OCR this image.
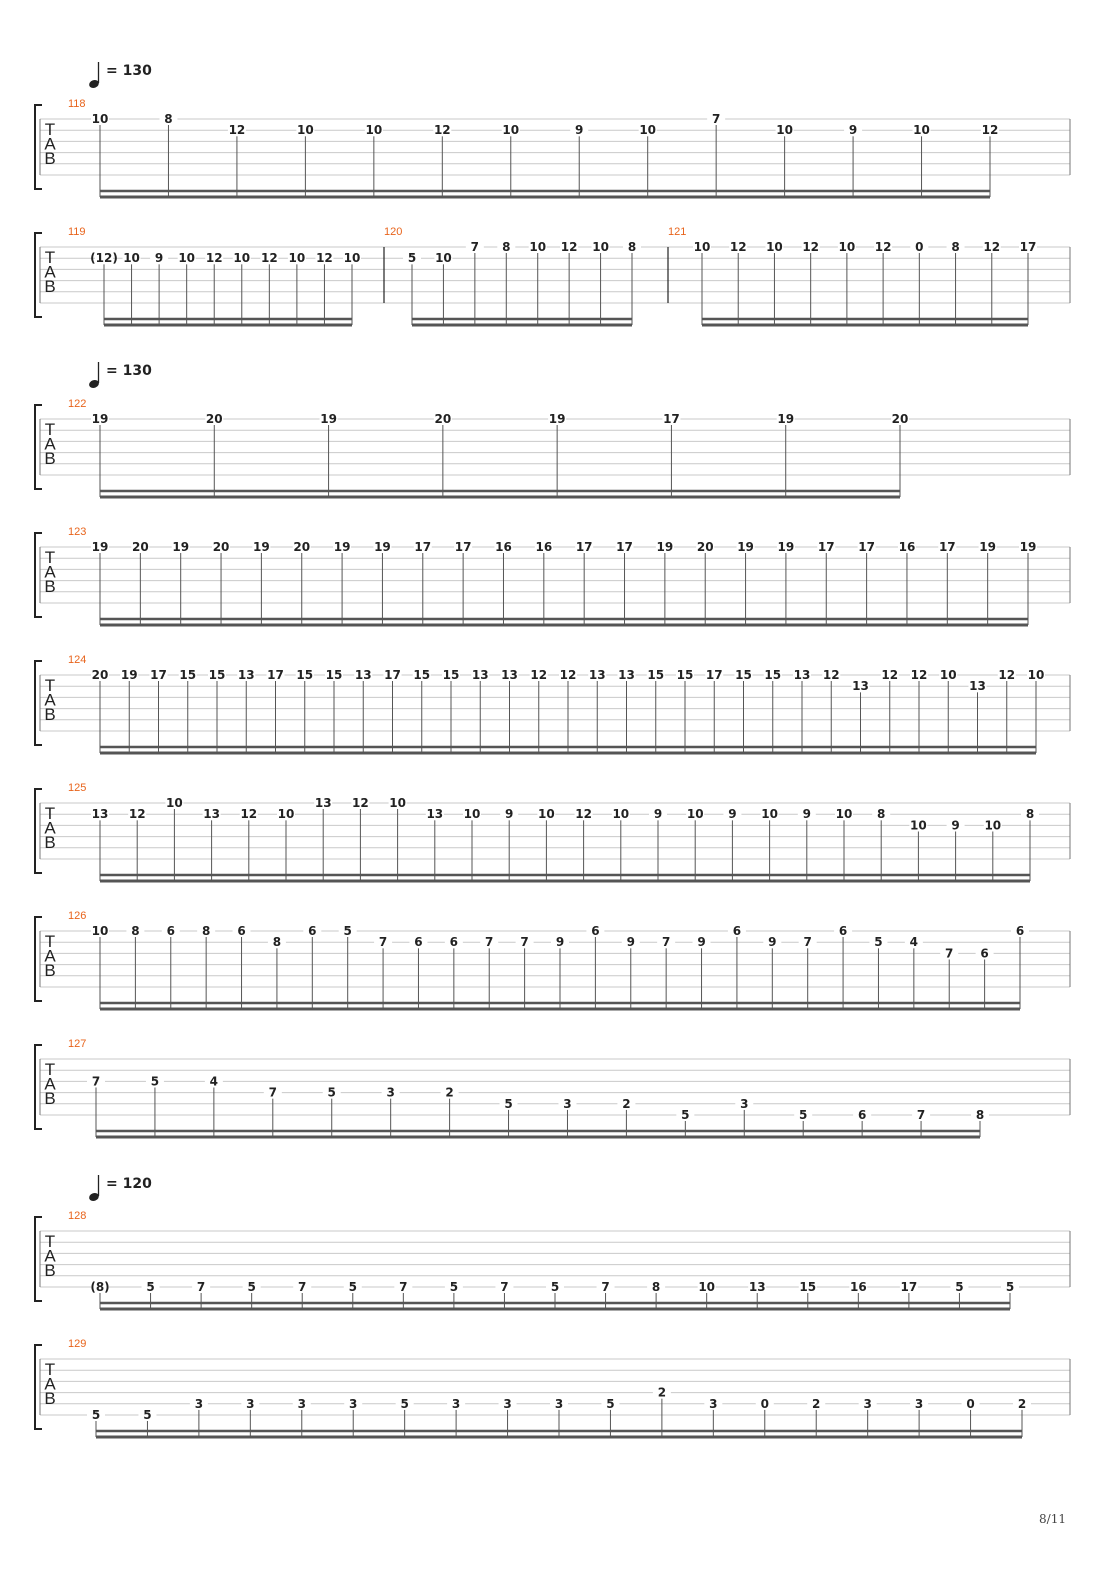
T
A
B
118
10	8
12	10	10	12	10	9	10
7
10	9	10	12
T
A
B
119	120	121
(12) 10 9 10 12 10 12 10 12 10	5 10
7 8 10 12 10 8	10 12 10 12 10 12 0 8 12 17
T
A
B
122
19	20	19	20	19	17	19	20
T
A
B
123
19 20 19 20 19 20 19 19 17 17 16 16 17 17 19 20 19 19 17 17 16 17 19 19
T
A
B
124
20 19 17 15 15 13 17 15 15 13 17 15 15 13 13 12 12 13 13 15 15 17 15 15 13 12
13
12 12 10
13
12 10
T
A
B
125
13 12
10
13 12 10
13 12 10
13 10 9 10 12 10 9 10 9 10 9 10 8
10 9 10
8
T
A
B
126
10 8 6 8 6
8
6 5
7 6 6 7 7 9
6
9 7 9
6
9 7
6
5 4
7 6
6
T
A
B
127
7	5	4
7	5	3	2
5	3	2
5
3
5	6	7	8
T
A
B
128
(8)	5	7	5	7	5	7	5	7	5	7	8	10	13	15	16	17	5	5
T
A
B
129
5	5
3	3	3	3	5	3	3	3	5
2
3	0	2	3	3	0	2
= 130
= 130
= 120
8/11
